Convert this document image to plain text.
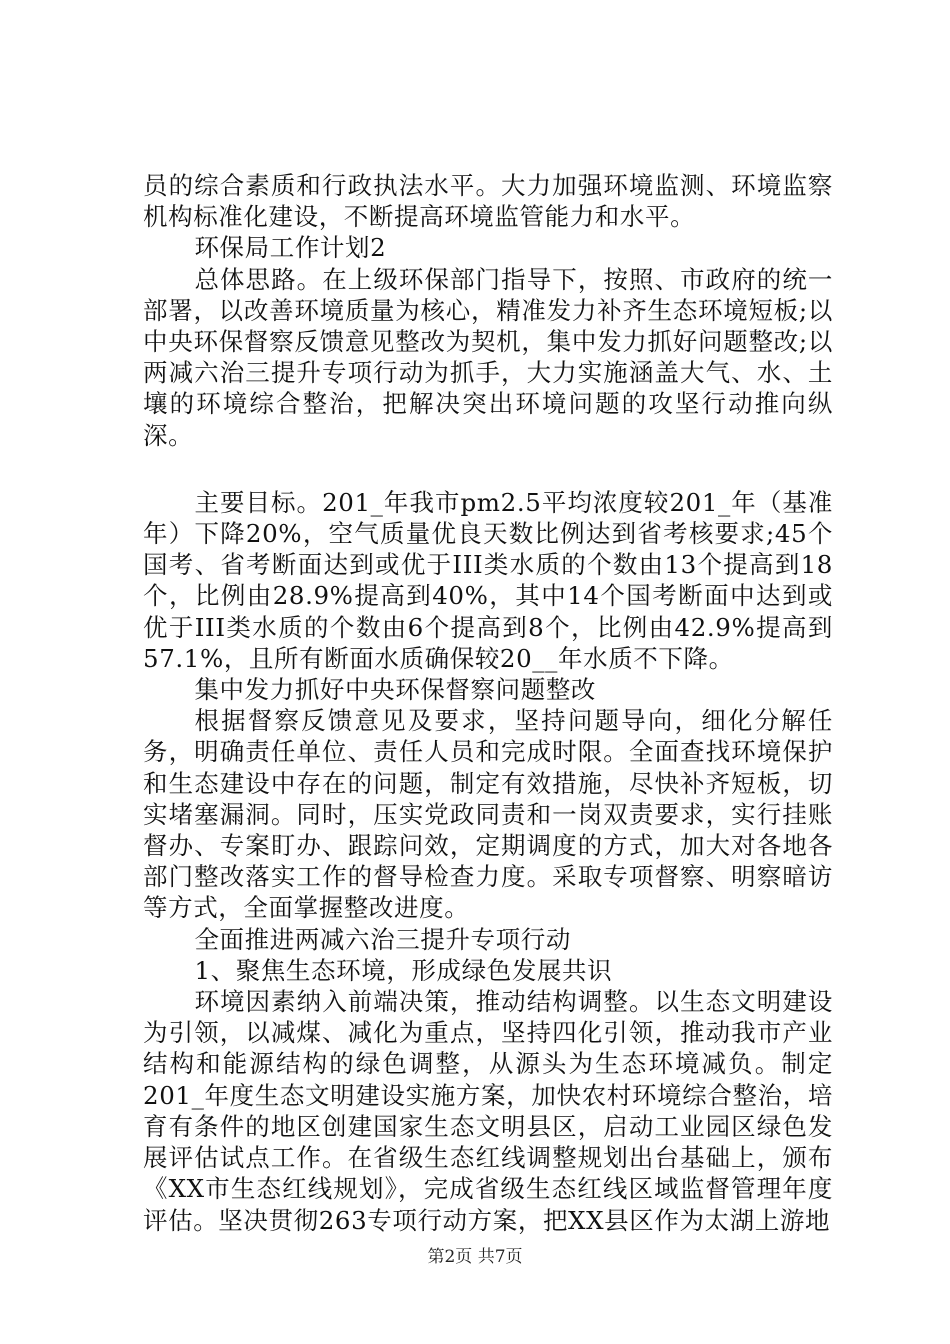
员的综合素质和行政执法水平。大力加强环境监测、环境监察机构标准化建设，不断提高环境监管能力和水平。

环保局工作计划2

总体思路。在上级环保部门指导下，按照、市政府的统一部署，以改善环境质量为核心，精准发力补齐生态环境短板;以中央环保督察反馈意见整改为契机，集中发力抓好问题整改;以两减六治三提升专项行动为抓手，大力实施涵盖大气、水、土壤的环境综合整治，把解决突出环境问题的攻坚行动推向纵深。

主要目标。201_年我市pm2.5平均浓度较201_年（基准年）下降20%，空气质量优良天数比例达到省考核要求;45个国考、省考断面达到或优于III类水质的个数由13个提高到18个，比例由28.9%提高到40%，其中14个国考断面中达到或优于III类水质的个数由6个提高到8个，比例由42.9%提高到57.1%，且所有断面水质确保较20__年水质不下降。

集中发力抓好中央环保督察问题整改

根据督察反馈意见及要求，坚持问题导向，细化分解任务，明确责任单位、责任人员和完成时限。全面查找环境保护和生态建设中存在的问题，制定有效措施，尽快补齐短板，切实堵塞漏洞。同时，压实党政同责和一岗双责要求，实行挂账督办、专案盯办、跟踪问效，定期调度的方式，加大对各地各部门整改落实工作的督导检查力度。采取专项督察、明察暗访等方式，全面掌握整改进度。

全面推进两减六治三提升专项行动

1、聚焦生态环境，形成绿色发展共识

环境因素纳入前端决策，推动结构调整。以生态文明建设为引领，以减煤、减化为重点，坚持四化引领，推动我市产业结构和能源结构的绿色调整，从源头为生态环境减负。制定201_年度生态文明建设实施方案，加快农村环境综合整治，培育有条件的地区创建国家生态文明县区，启动工业园区绿色发展评估试点工作。在省级生态红线调整规划出台基础上，颁布《XX市生态红线规划》，完成省级生态红线区域监督管理年度评估。坚决贯彻263专项行动方案，把XX县区作为太湖上游地

第2页 共7页
